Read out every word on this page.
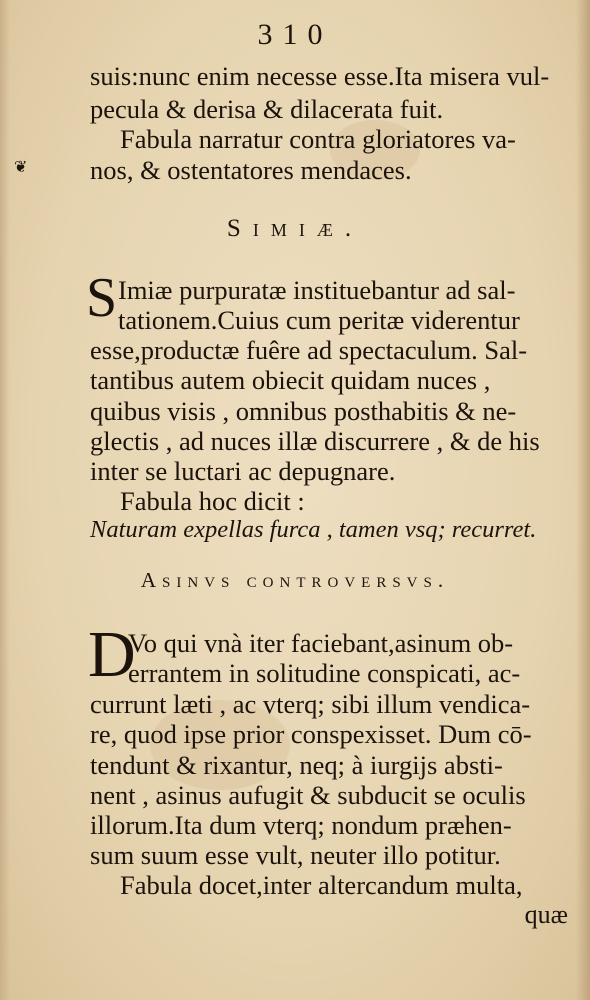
310
❦
suis:nunc enim necesse esse.Ita misera vul-
pecula & derisa & dilacerata fuit.
Fabula narratur contra gloriatores va-
nos, & ostentatores mendaces.
Simiæ.
S Imiæ purpuratæ instituebantur ad sal-
tationem.Cuius cum peritæ viderentur
esse,productæ fuêre ad spectaculum. Sal-
tantibus autem obiecit quidam nuces ,
quibus visis , omnibus posthabitis & ne-
glectis , ad nuces illæ discurrere , & de his
inter se luctari ac depugnare.
Fabula hoc dicit :
Naturam expellas furca , tamen vsq; recurret.
Asinvs controversvs.
D
Vo qui vnà iter faciebant,asinum ob-
errantem in solitudine conspicati, ac-
currunt læti , ac vterq; sibi illum vendica-
re, quod ipse prior conspexisset. Dum cō-
tendunt & rixantur, neq; à iurgijs absti-
nent , asinus aufugit & subducit se oculis
illorum.Ita dum vterq; nondum præhen-
sum suum esse vult, neuter illo potitur.
Fabula docet,inter altercandum multa,
quæ
